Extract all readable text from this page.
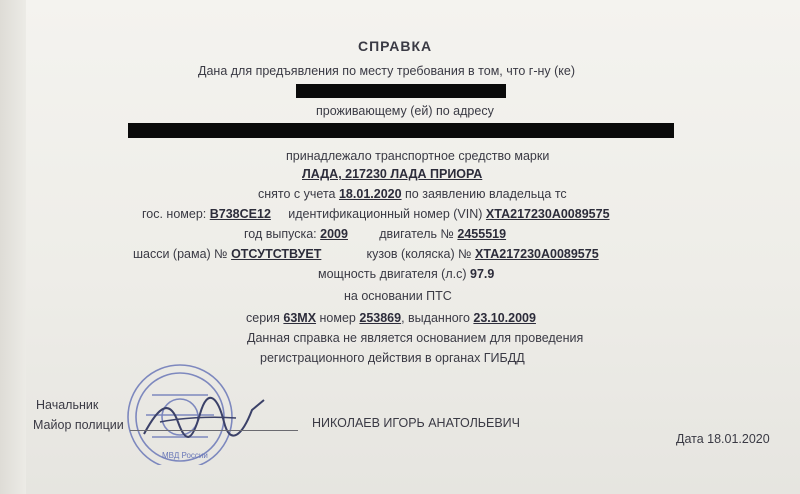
СПРАВКА
Дана для предъявления по месту требования в том, что г-ну (ке)
проживающему (ей) по адресу
принадлежало транспортное средство марки
ЛАДА, 217230 ЛАДА ПРИОРА
снято с учета 18.01.2020 по заявлению владельца тс
гос. номер: В738СЕ12 идентификационный номер (VIN) ХТА217230А0089575
год выпуска: 2009	двигатель № 2455519
шасси (рама) № ОТСУТСТВУЕТ	кузов (коляска) № ХТА217230А0089575
мощность двигателя (л.с) 97.9
на основании ПТС
серия 63МХ номер 253869, выданного 23.10.2009
Данная справка не является основанием для проведения
регистрационного действия в органах ГИБДД
Начальник
Майор полиции
МВД России
НИКОЛАЕВ ИГОРЬ АНАТОЛЬЕВИЧ
Дата 18.01.2020
